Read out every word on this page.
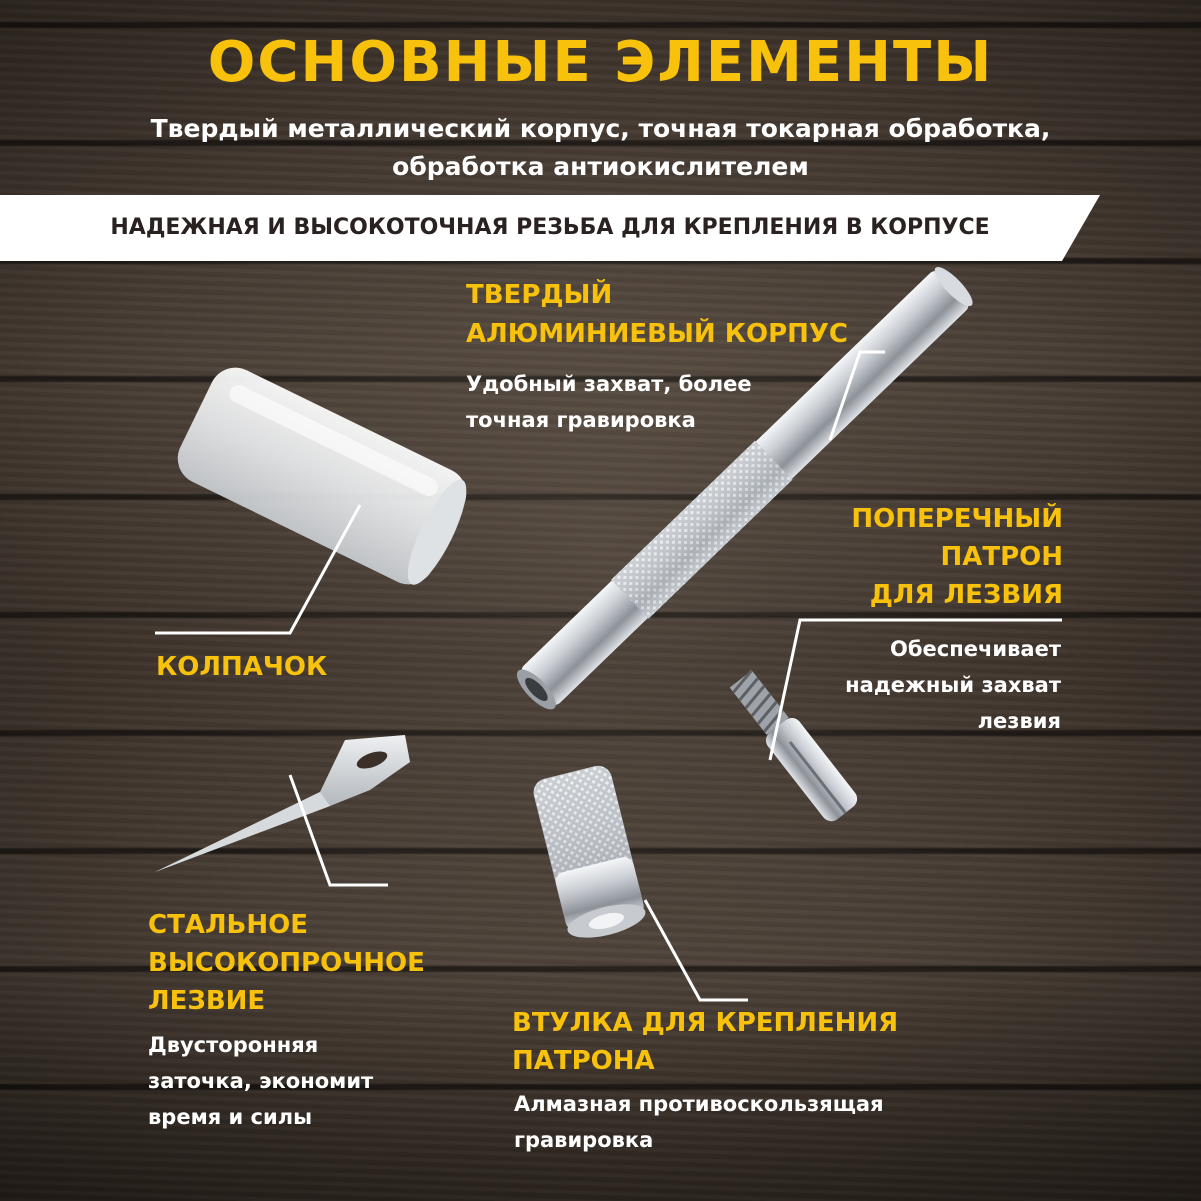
ОСНОВНЫЕ ЭЛЕМЕНТЫ
Твердый металлический корпус, точная токарная обработка, обработка антиокислителем
НАДЕЖНАЯ И ВЫСОКОТОЧНАЯ РЕЗЬБА ДЛЯ КРЕПЛЕНИЯ В КОРПУСЕ
ТВЕРДЫЙ
АЛЮМИНИЕВЫЙ КОРПУС
Удобный захват, более
точная гравировка
ПОПЕРЕЧНЫЙ
ПАТРОН
ДЛЯ ЛЕЗВИЯ
Обеспечивает
надежный захват
лезвия
КОЛПАЧОК
СТАЛЬНОЕ
ВЫСОКОПРОЧНОЕ
ЛЕЗВИЕ
Двусторонняя
заточка, экономит
время и силы
ВТУЛКА ДЛЯ КРЕПЛЕНИЯ
ПАТРОНА
Алмазная противоскользящая
гравировка
